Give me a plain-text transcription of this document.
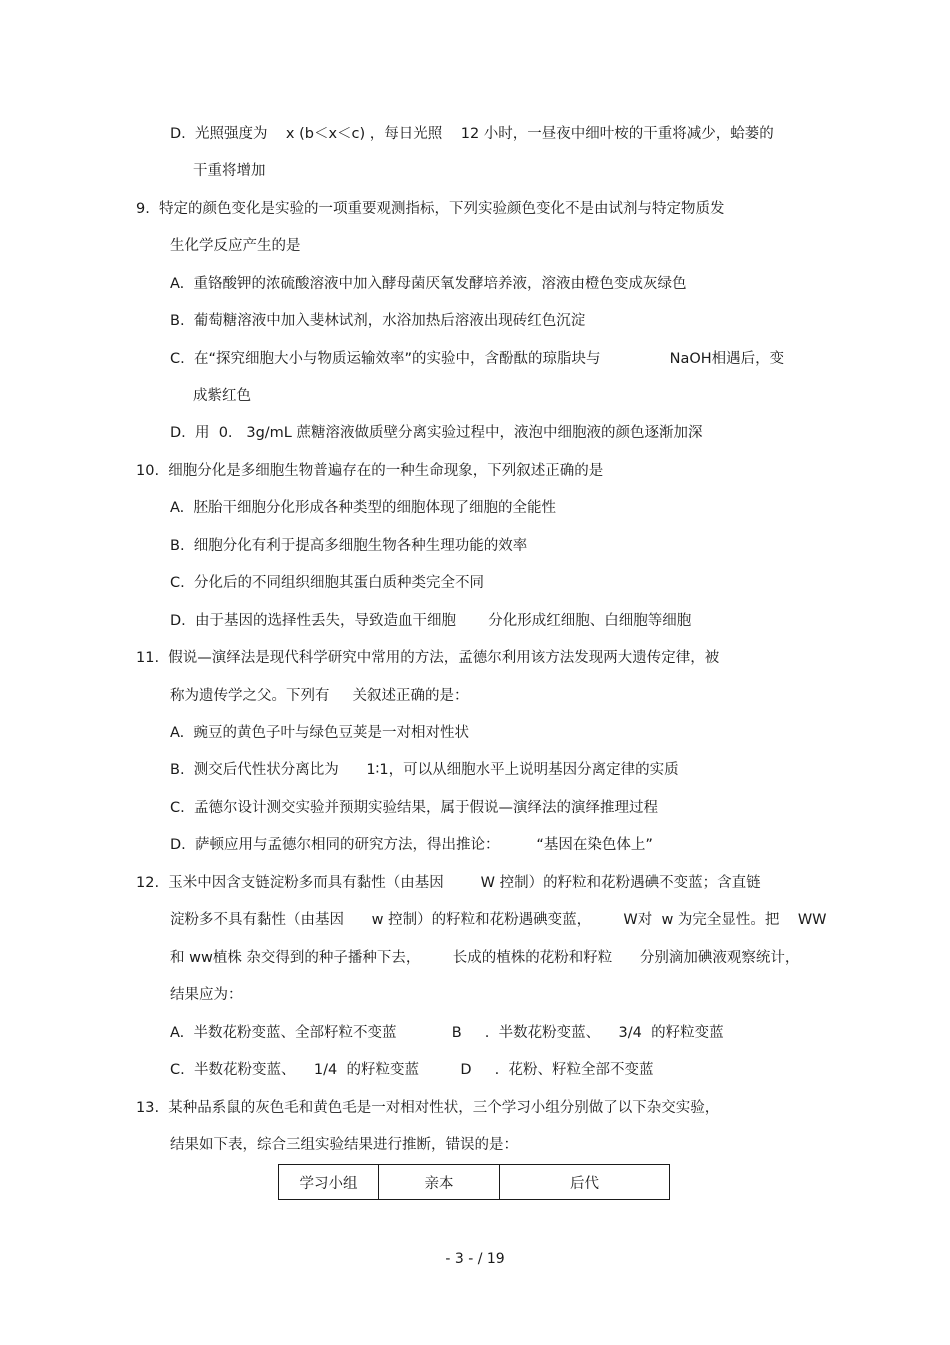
D.  光照强度为    x (b＜x＜c) ，每日光照    12 小时，一昼夜中细叶桉的干重将减少，蛤蒌的
干重将增加
9.  特定的颜色变化是实验的一项重要观测指标，下列实验颜色变化不是由试剂与特定物质发
生化学反应产生的是
A.  重铬酸钾的浓硫酸溶液中加入酵母菌厌氧发酵培养液，溶液由橙色变成灰绿色
B.  葡萄糖溶液中加入斐林试剂，水浴加热后溶液出现砖红色沉淀
C.  在“探究细胞大小与物质运输效率”的实验中，含酚酞的琼脂块与               NaOH相遇后，变
成紫红色
D.  用  0.   3g/mL 蔗糖溶液做质壁分离实验过程中，液泡中细胞液的颜色逐渐加深
10.  细胞分化是多细胞生物普遍存在的一种生命现象，下列叙述正确的是
A.  胚胎干细胞分化形成各种类型的细胞体现了细胞的全能性
B.  细胞分化有利于提高多细胞生物各种生理功能的效率
C.  分化后的不同组织细胞其蛋白质种类完全不同
D.  由于基因的选择性丢失，导致造血干细胞       分化形成红细胞、白细胞等细胞
11.  假说—演绎法是现代科学研究中常用的方法，孟德尔利用该方法发现两大遗传定律，被
称为遗传学之父。下列有     关叙述正确的是：
A.  豌豆的黄色子叶与绿色豆荚是一对相对性状
B.  测交后代性状分离比为      1∶1，可以从细胞水平上说明基因分离定律的实质
C.  孟德尔设计测交实验并预期实验结果，属于假说—演绎法的演绎推理过程
D.  萨顿应用与孟德尔相同的研究方法，得出推论：        “基因在染色体上”
12.  玉米中因含支链淀粉多而具有黏性（由基因        W 控制）的籽粒和花粉遇碘不变蓝；含直链
淀粉多不具有黏性（由基因      w 控制）的籽粒和花粉遇碘变蓝，       W对  w 为完全显性。把    WW
和 ww植株 杂交得到的种子播种下去，       长成的植株的花粉和籽粒      分别滴加碘液观察统计，
结果应为：
A.  半数花粉变蓝、全部籽粒不变蓝            B     .  半数花粉变蓝、    3/4  的籽粒变蓝
C.  半数花粉变蓝、    1/4  的籽粒变蓝         D     .  花粉、籽粒全部不变蓝
13.  某种品系鼠的灰色毛和黄色毛是一对相对性状，三个学习小组分别做了以下杂交实验，
结果如下表，综合三组实验结果进行推断，错误的是：
学习小组	亲本	后代
- 3 - / 19
